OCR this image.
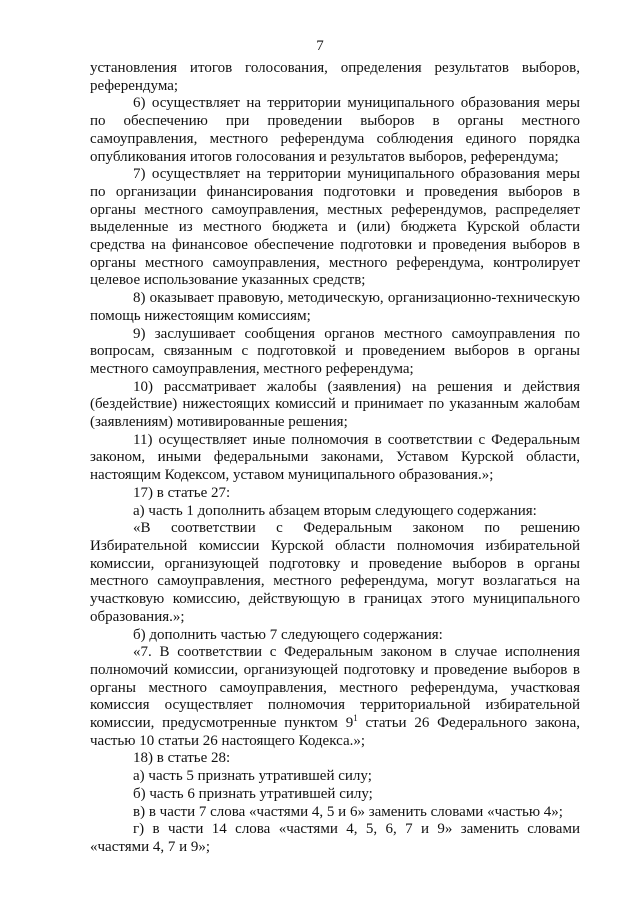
7

установления итогов голосования, определения результатов выборов, референдума;

6) осуществляет на территории муниципального образования меры по обеспечению при проведении выборов в органы местного самоуправления, местного референдума соблюдения единого порядка опубликования итогов голосования и результатов выборов, референдума;

7) осуществляет на территории муниципального образования меры по организации финансирования подготовки и проведения выборов в органы местного самоуправления, местных референдумов, распределяет выделенные из местного бюджета и (или) бюджета Курской области средства на финансовое обеспечение подготовки и проведения выборов в органы местного самоуправления, местного референдума, контролирует целевое использование указанных средств;

8) оказывает правовую, методическую, организационно-техническую помощь нижестоящим комиссиям;

9) заслушивает сообщения органов местного самоуправления по вопросам, связанным с подготовкой и проведением выборов в органы местного самоуправления, местного референдума;

10) рассматривает жалобы (заявления) на решения и действия (бездействие) нижестоящих комиссий и принимает по указанным жалобам (заявлениям) мотивированные решения;

11) осуществляет иные полномочия в соответствии с Федеральным законом, иными федеральными законами, Уставом Курской области, настоящим Кодексом, уставом муниципального образования.»;

17) в статье 27:

а) часть 1 дополнить абзацем вторым следующего содержания:

«В соответствии с Федеральным законом по решению Избирательной комиссии Курской области полномочия избирательной комиссии, организующей подготовку и проведение выборов в органы местного самоуправления, местного референдума, могут возлагаться на участковую комиссию, действующую в границах этого муниципального образования.»;

б) дополнить частью 7 следующего содержания:

«7. В соответствии с Федеральным законом в случае исполнения полномочий комиссии, организующей подготовку и проведение выборов в органы местного самоуправления, местного референдума, участковая комиссия осуществляет полномочия территориальной избирательной комиссии, предусмотренные пунктом $9^1$ статьи 26 Федерального закона, частью 10 статьи 26 настоящего Кодекса.»;

18) в статье 28:

а) часть 5 признать утратившей силу;

б) часть 6 признать утратившей силу;

в) в части 7 слова «частями 4, 5 и 6» заменить словами «частью 4»;

г) в части 14 слова «частями 4, 5, 6, 7 и 9» заменить словами «частями 4, 7 и 9»;
